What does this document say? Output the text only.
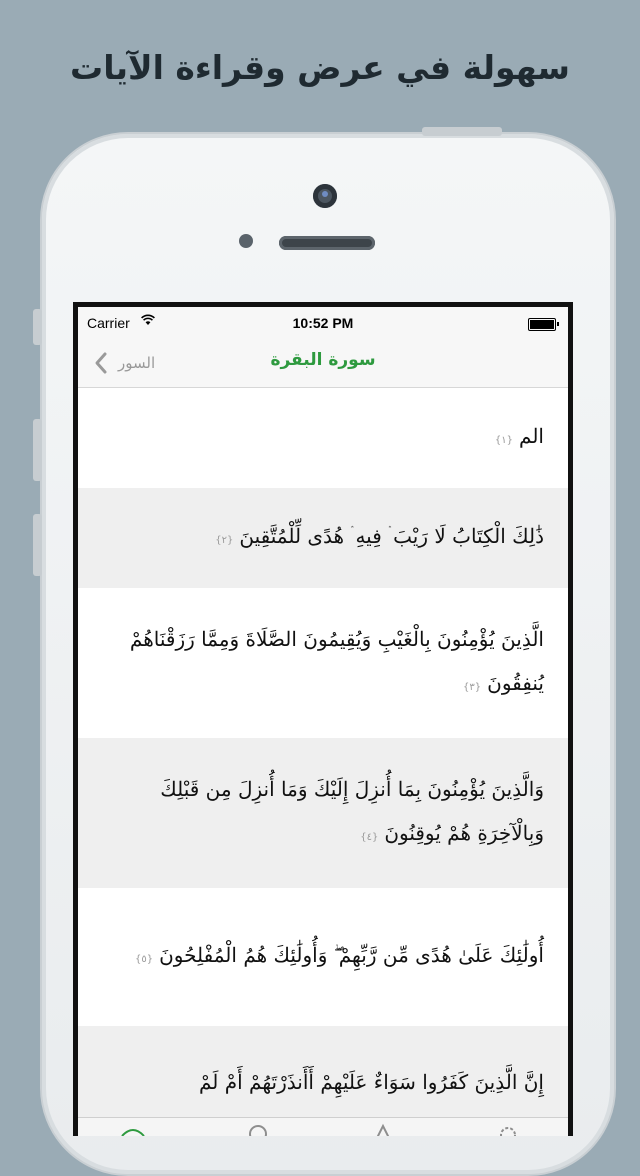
سهولة في عرض وقراءة الآيات
Carrier	10:52 PM
السور	سورة البقرة
الم{١}
ذَٰلِكَ الْكِتَابُ لَا رَيْبَ ۛ فِيهِ ۛ هُدًى لِّلْمُتَّقِينَ{٢}
الَّذِينَ يُؤْمِنُونَ بِالْغَيْبِ وَيُقِيمُونَ الصَّلَاةَ وَمِمَّا رَزَقْنَاهُمْ يُنفِقُونَ{٣}
وَالَّذِينَ يُؤْمِنُونَ بِمَا أُنزِلَ إِلَيْكَ وَمَا أُنزِلَ مِن قَبْلِكَ وَبِالْآخِرَةِ هُمْ يُوقِنُونَ{٤}
أُولَٰئِكَ عَلَىٰ هُدًى مِّن رَّبِّهِمْ ۖ وَأُولَٰئِكَ هُمُ الْمُفْلِحُونَ{٥}
إِنَّ الَّذِينَ كَفَرُوا سَوَاءٌ عَلَيْهِمْ أَأَنذَرْتَهُمْ أَمْ لَمْ
